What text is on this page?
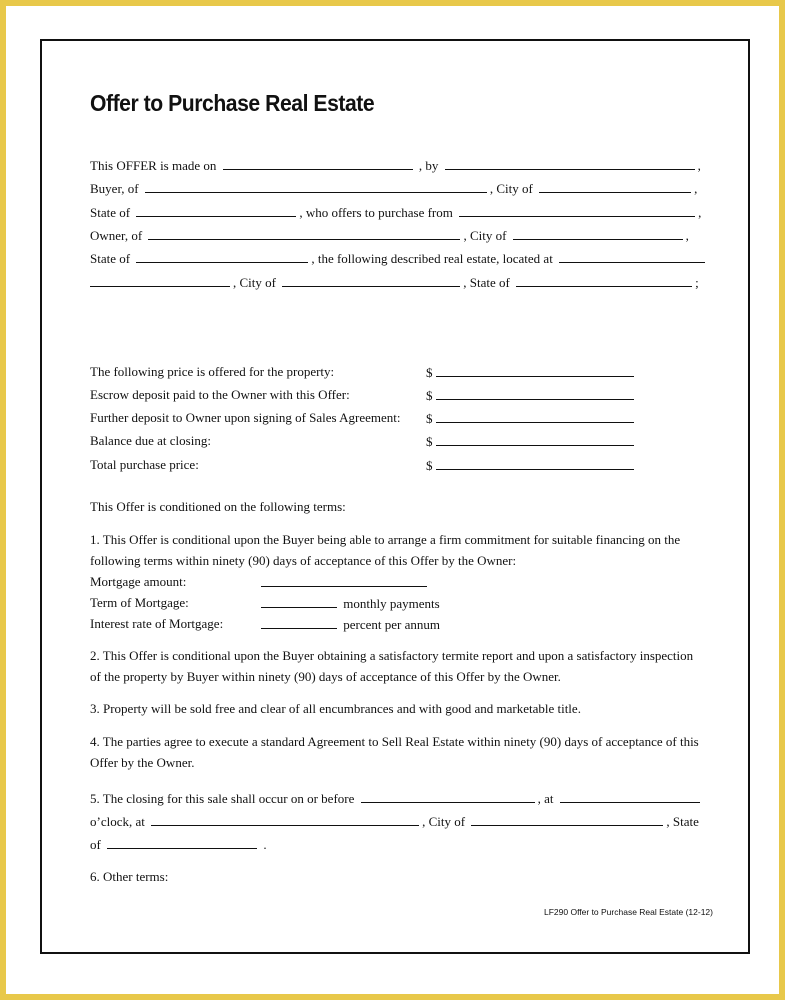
Offer to Purchase Real Estate
This OFFER is made on	, by	,
Buyer, of	, City of	,
State of	, who offers to purchase from	,
Owner, of	, City of	,
State of	, the following described real estate, located at
, City of	, State of	;
The following price is offered for the property:	$
Escrow deposit paid to the Owner with this Offer:	$
Further deposit to Owner upon signing of Sales Agreement: $
Balance due at closing:	$
Total purchase price:	$
This Offer is conditioned on the following terms:
1. This Offer is conditional upon the Buyer being able to arrange a firm commitment for suitable financing on the
following terms within ninety (90) days of acceptance of this Offer by the Owner:
Mortgage amount:
Term of Mortgage:	monthly payments
Interest rate of Mortgage:	percent per annum
2. This Offer is conditional upon the Buyer obtaining a satisfactory termite report and upon a satisfactory inspection
of the property by Buyer within ninety (90) days of acceptance of this Offer by the Owner.
3. Property will be sold free and clear of all encumbrances and with good and marketable title.
4. The parties agree to execute a standard Agreement to Sell Real Estate within ninety (90) days of acceptance of this
Offer by the Owner.
5. The closing for this sale shall occur on or before	, at
o’clock, at	, City of	, State
of	.
6. Other terms:
LF290 Offer to Purchase Real Estate (12-12)
